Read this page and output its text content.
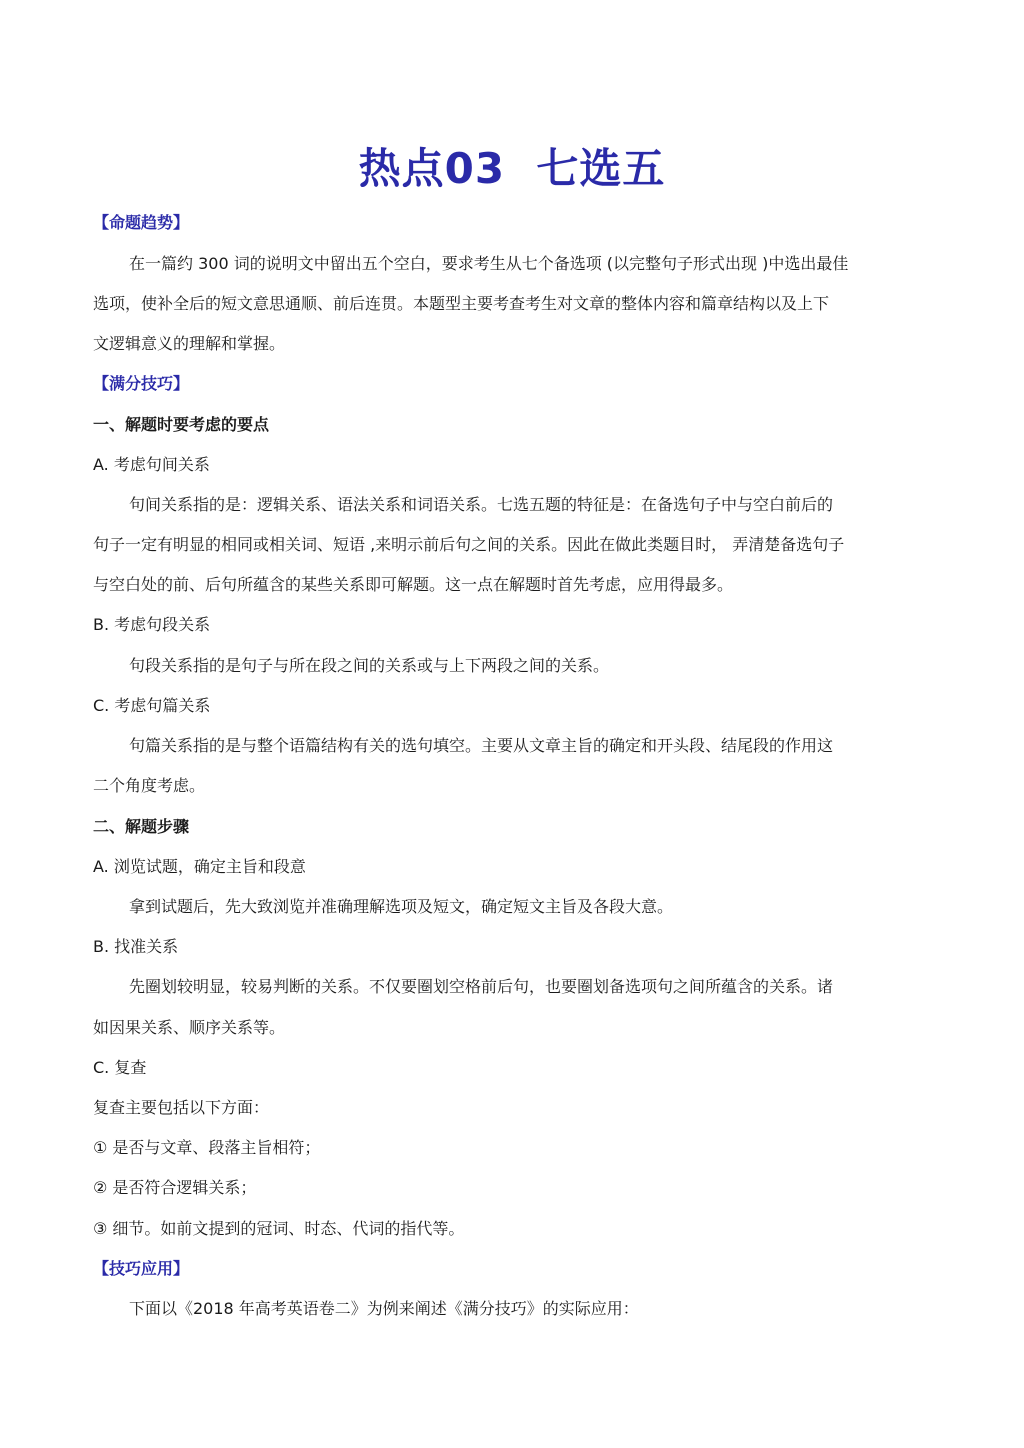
热点03  七选五
【命题趋势】
在一篇约 300 词的说明文中留出五个空白，要求考生从七个备选项 (以完整句子形式出现 )中选出最佳
选项，使补全后的短文意思通顺、前后连贯。本题型主要考查考生对文章的整体内容和篇章结构以及上下
文逻辑意义的理解和掌握。
【满分技巧】
一、解题时要考虑的要点
A. 考虑句间关系
句间关系指的是：逻辑关系、语法关系和词语关系。七选五题的特征是：在备选句子中与空白前后的
句子一定有明显的相同或相关词、短语 ,来明示前后句之间的关系。因此在做此类题目时， 弄清楚备选句子
与空白处的前、后句所蕴含的某些关系即可解题。这一点在解题时首先考虑，应用得最多。
B. 考虑句段关系
句段关系指的是句子与所在段之间的关系或与上下两段之间的关系。
C. 考虑句篇关系
句篇关系指的是与整个语篇结构有关的选句填空。主要从文章主旨的确定和开头段、结尾段的作用这
二个角度考虑。
二、解题步骤
A. 浏览试题，确定主旨和段意
拿到试题后，先大致浏览并准确理解选项及短文，确定短文主旨及各段大意。
B. 找准关系
先圈划较明显，较易判断的关系。不仅要圈划空格前后句，也要圈划备选项句之间所蕴含的关系。诸
如因果关系、顺序关系等。
C. 复查
复查主要包括以下方面：
① 是否与文章、段落主旨相符；
② 是否符合逻辑关系；
③ 细节。如前文提到的冠词、时态、代词的指代等。
【技巧应用】
下面以《2018 年高考英语卷二》为例来阐述《满分技巧》的实际应用：
